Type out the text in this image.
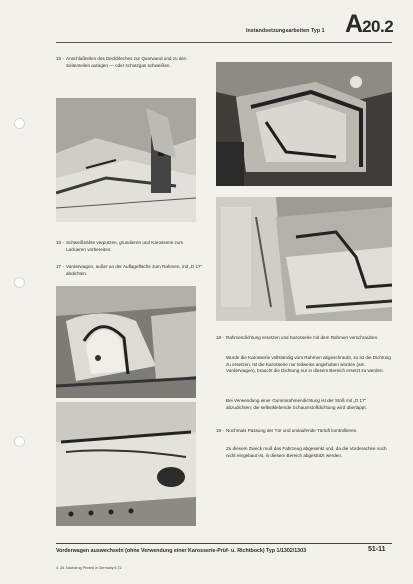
Instandsetzungsarbeiten Typ 1 A20.2
15 - Anschlußteilen des Deckbleches zur Querwand und zu den Seitenteilen autogen — oder schutzgas schweißen.
16 - Schweißnähte verputzen, grundieren und Karosserie zum Lackieren vorbereiten.
17 - Vorderwagen, außer an der Auflagefläche zum Rahmen, mit „D 17" abdichten.
18 - Rahmendichtung ersetzen und Karosserie mit dem Rahmen verschrauben.
Wurde die Karosserie vollständig vom Rahmen abgeschraubt, so ist die Dichtung zu ersetzen. Ist die Karosserie nur teilweise angehoben worden (am Vorderwagen), braucht die Dichtung nur in diesem Bereich ersetzt zu werden.
Bei Verwendung einer Gummirahmendichtung ist der Stoß mit „D 17" abzudichten; die selbstklebende Schaumstoffdichtung wird überlappt.
19 - Nochmals Passung der Tür und umlaufende Türluft kontrollieren.
Zu diesem Zweck muß das Fahrzeug abgesenkt und, da die Vorderachse noch nicht eingebaut ist, in diesem Bereich abgestützt werden.
Vorderwagen auswechseln (ohne Verwendung einer Karosserie-Prüf- u. Richtbock) Typ 1/1302/1303	51-11
4. 28. Nachdrug Printed in Germany 6.72
